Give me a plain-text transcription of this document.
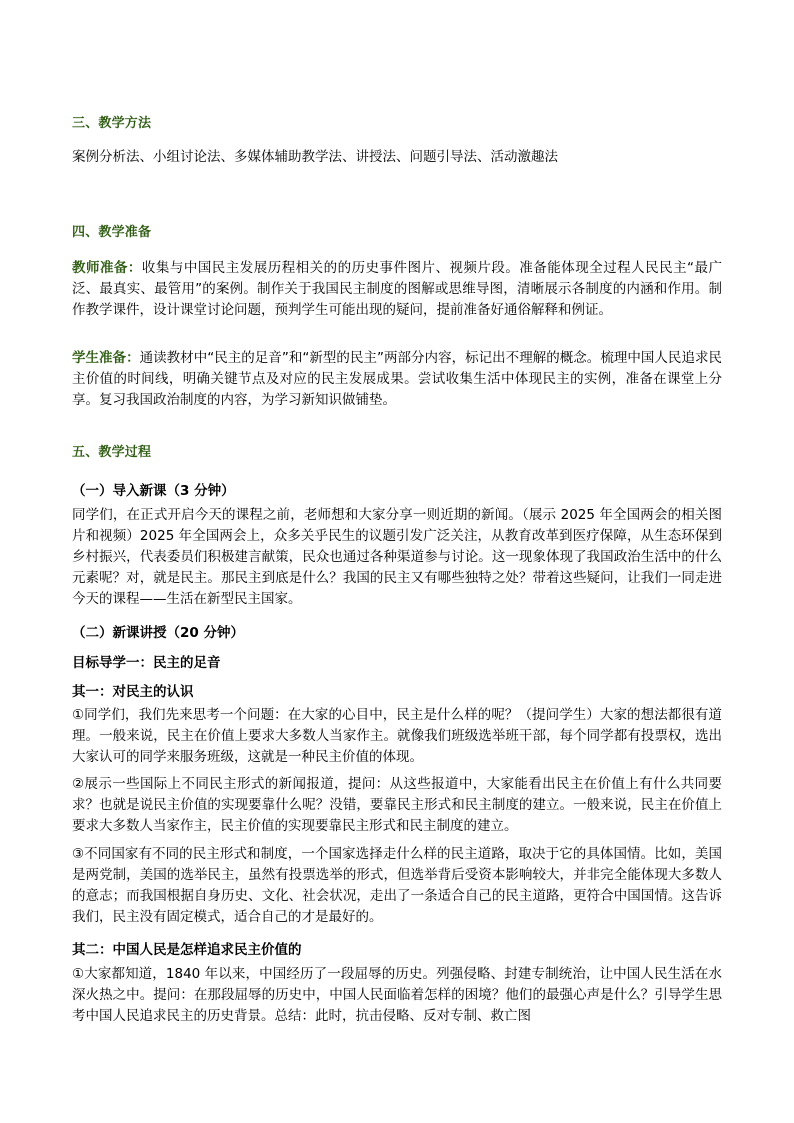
三、教学方法
案例分析法、小组讨论法、多媒体辅助教学法、讲授法、问题引导法、活动激趣法
四、教学准备
教师准备：收集与中国民主发展历程相关的的历史事件图片、视频片段。准备能体现全过程人民民主“最广泛、最真实、最管用”的案例。制作关于我国民主制度的图解或思维导图，清晰展示各制度的内涵和作用。制作教学课件，设计课堂讨论问题，预判学生可能出现的疑问，提前准备好通俗解释和例证。
学生准备：通读教材中“民主的足音”和“新型的民主”两部分内容，标记出不理解的概念。梳理中国人民追求民主价值的时间线，明确关键节点及对应的民主发展成果。尝试收集生活中体现民主的实例，准备在课堂上分享。复习我国政治制度的内容，为学习新知识做铺垫。
五、教学过程
（一）导入新课（3 分钟）
同学们，在正式开启今天的课程之前，老师想和大家分享一则近期的新闻。（展示 2025 年全国两会的相关图片和视频）2025 年全国两会上，众多关乎民生的议题引发广泛关注，从教育改革到医疗保障，从生态环保到乡村振兴，代表委员们积极建言献策，民众也通过各种渠道参与讨论。这一现象体现了我国政治生活中的什么元素呢？对，就是民主。那民主到底是什么？我国的民主又有哪些独特之处？带着这些疑问，让我们一同走进今天的课程——生活在新型民主国家。
（二）新课讲授（20 分钟）
目标导学一：民主的足音
其一：对民主的认识
①同学们，我们先来思考一个问题：在大家的心目中，民主是什么样的呢？（提问学生）大家的想法都很有道理。一般来说，民主在价值上要求大多数人当家作主。就像我们班级选举班干部，每个同学都有投票权，选出大家认可的同学来服务班级，这就是一种民主价值的体现。
②展示一些国际上不同民主形式的新闻报道，提问：从这些报道中，大家能看出民主在价值上有什么共同要求？也就是说民主价值的实现要靠什么呢？没错，要靠民主形式和民主制度的建立。一般来说，民主在价值上要求大多数人当家作主，民主价值的实现要靠民主形式和民主制度的建立。
③不同国家有不同的民主形式和制度，一个国家选择走什么样的民主道路，取决于它的具体国情。比如，美国是两党制，美国的选举民主，虽然有投票选举的形式，但选举背后受资本影响较大，并非完全能体现大多数人的意志；而我国根据自身历史、文化、社会状况，走出了一条适合自己的民主道路，更符合中国国情。这告诉我们，民主没有固定模式，适合自己的才是最好的。
其二：中国人民是怎样追求民主价值的
①大家都知道，1840 年以来，中国经历了一段屈辱的历史。列强侵略、封建专制统治，让中国人民生活在水深火热之中。提问：在那段屈辱的历史中，中国人民面临着怎样的困境？他们的最强心声是什么？引导学生思考中国人民追求民主的历史背景。总结：此时，抗击侵略、反对专制、救亡图
